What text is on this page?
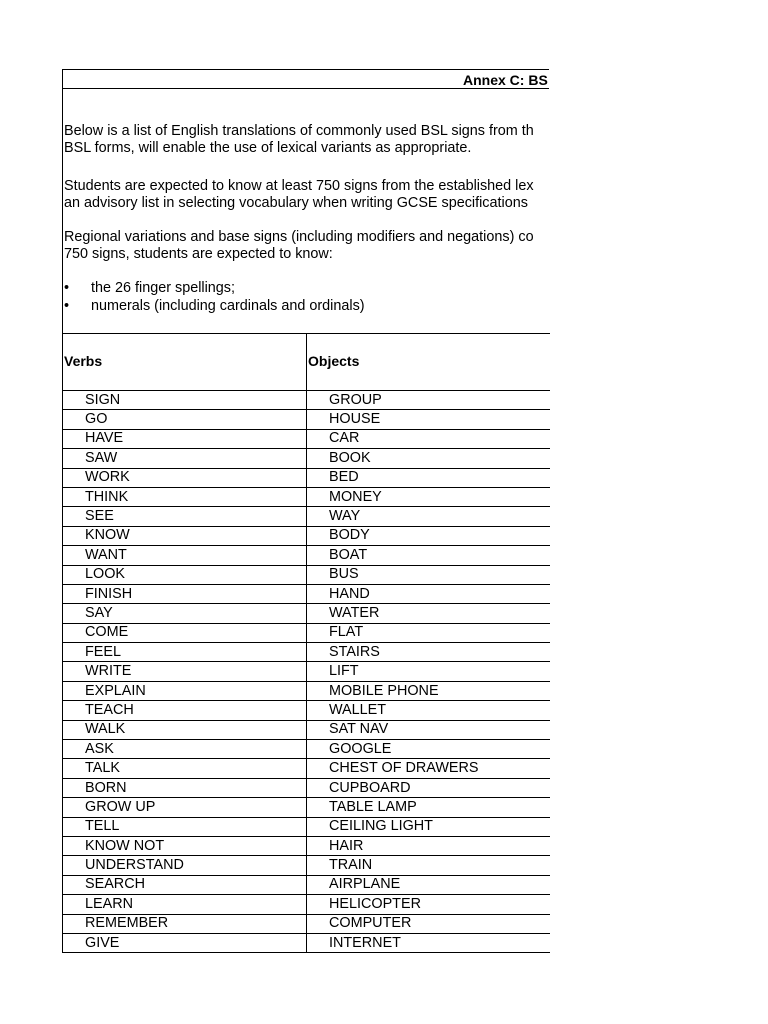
Annex C: BS
Below is a list of English translations of commonly used BSL signs from th
BSL forms, will enable the use of lexical variants as appropriate.
Students are expected to know at least 750 signs from the established lex
an advisory list in selecting vocabulary when writing GCSE specifications
Regional variations and base signs (including modifiers and negations) co
750 signs, students are expected to know:
• the 26 finger spellings;
• numerals (including cardinals and ordinals)
Verbs	Objects
SIGN	GROUP
GO	HOUSE
HAVE	CAR
SAW	BOOK
WORK	BED
THINK	MONEY
SEE	WAY
KNOW	BODY
WANT	BOAT
LOOK	BUS
FINISH	HAND
SAY	WATER
COME	FLAT
FEEL	STAIRS
WRITE	LIFT
EXPLAIN	MOBILE PHONE
TEACH	WALLET
WALK	SAT NAV
ASK	GOOGLE
TALK	CHEST OF DRAWERS
BORN	CUPBOARD
GROW UP	TABLE LAMP
TELL	CEILING LIGHT
KNOW NOT	HAIR
UNDERSTAND	TRAIN
SEARCH	AIRPLANE
LEARN	HELICOPTER
REMEMBER	COMPUTER
GIVE	INTERNET
